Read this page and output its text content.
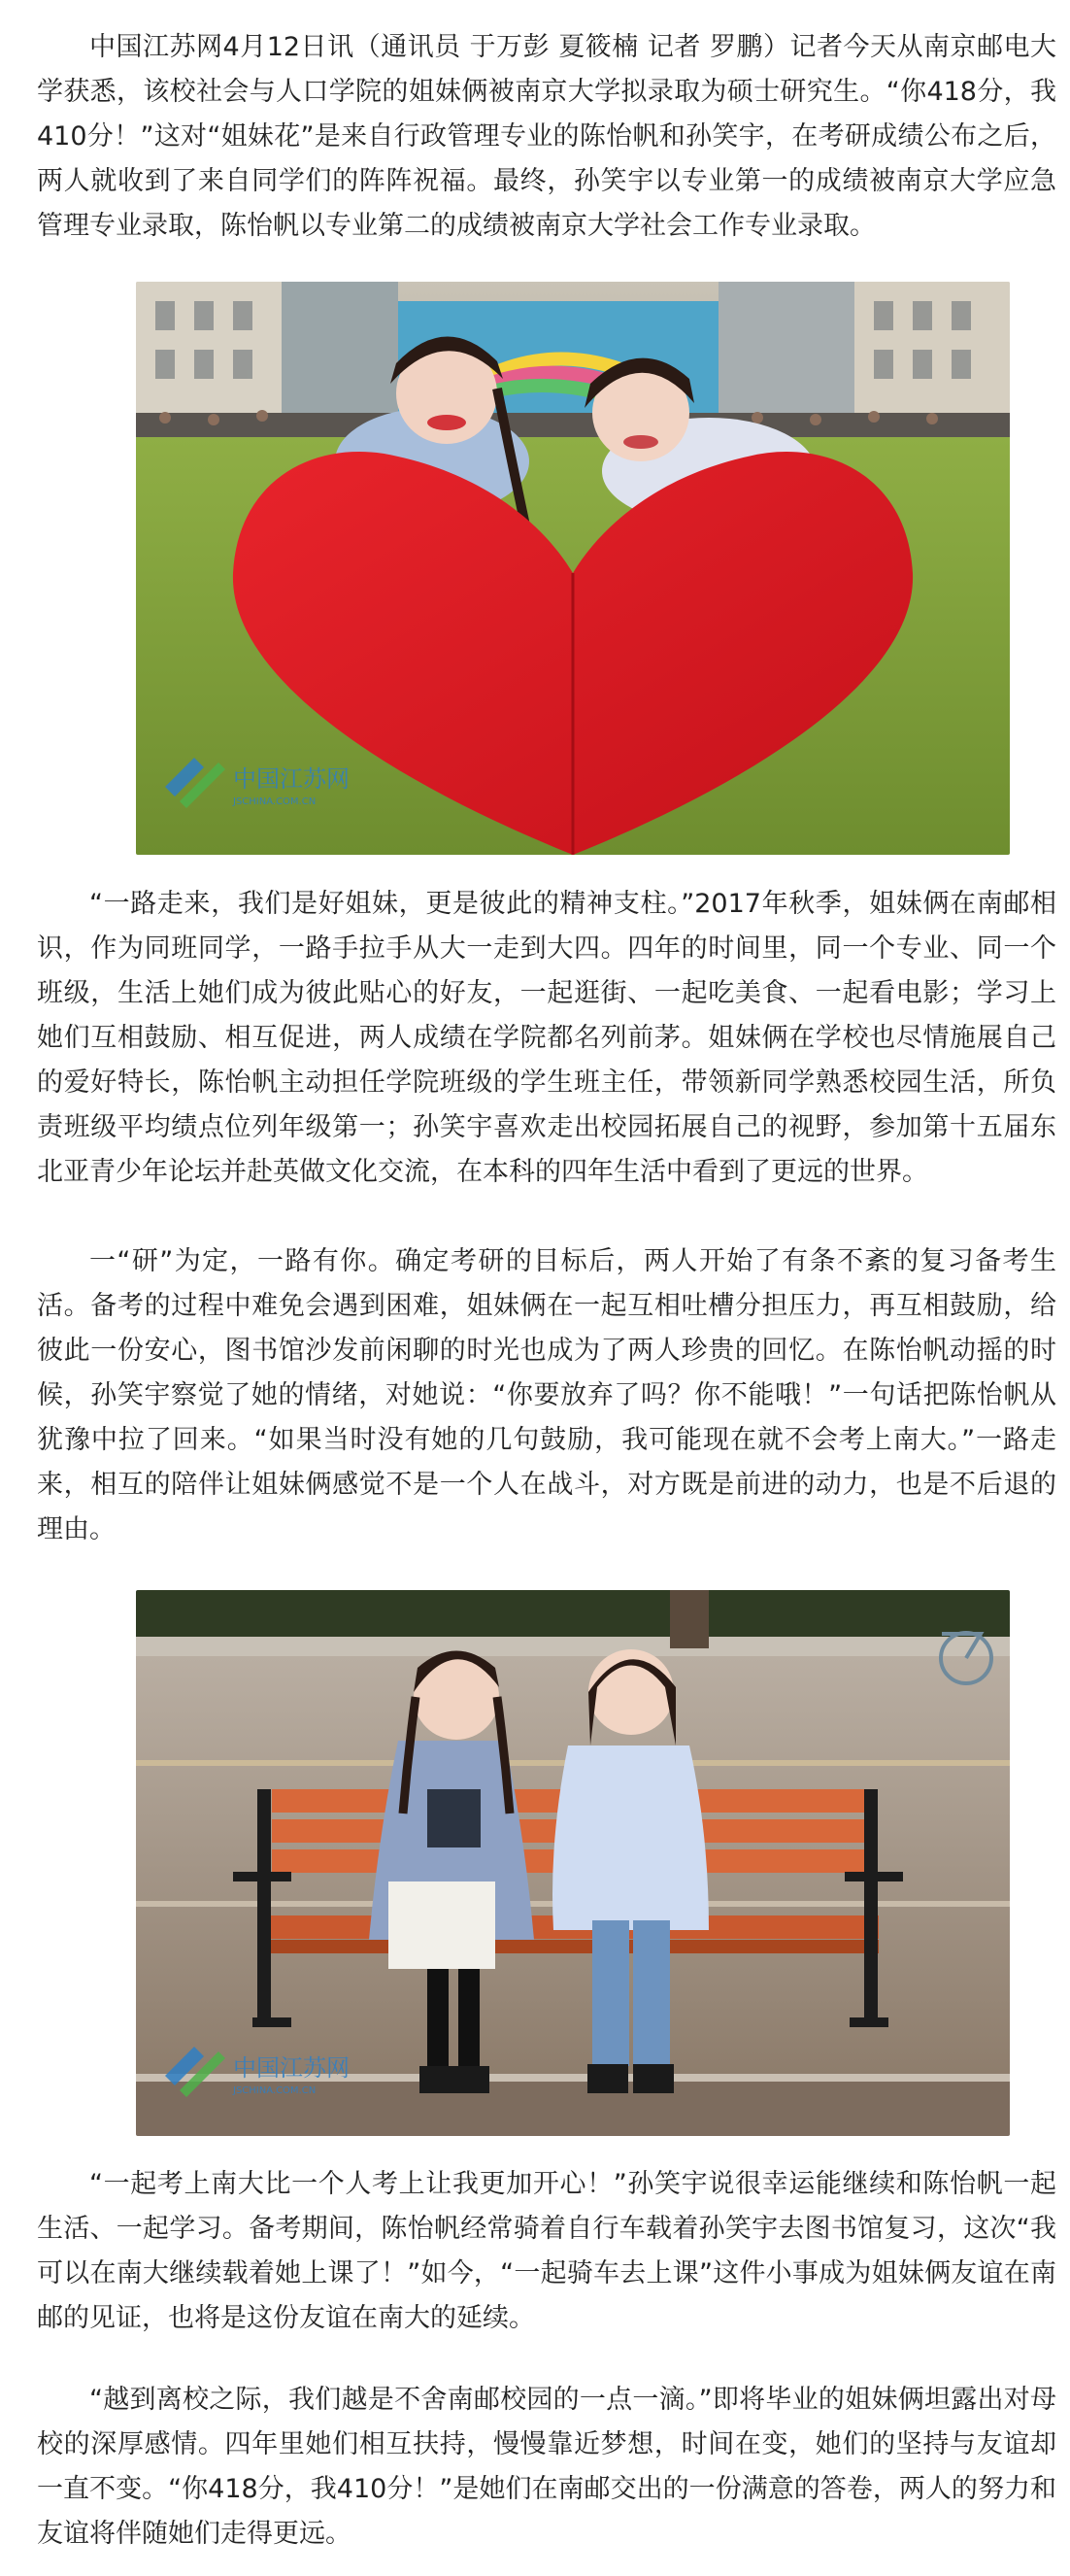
中国江苏网4月12日讯（通讯员 于万彭 夏筱楠 记者 罗鹏）记者今天从南京邮电大学获悉，该校社会与人口学院的姐妹俩被南京大学拟录取为硕士研究生。“你418分，我410分！”这对“姐妹花”是来自行政管理专业的陈怡帆和孙笑宇，在考研成绩公布之后，两人就收到了来自同学们的阵阵祝福。最终，孙笑宇以专业第一的成绩被南京大学应急管理专业录取，陈怡帆以专业第二的成绩被南京大学社会工作专业录取。

中国江苏网
JSCHINA.COM.CN

“一路走来，我们是好姐妹，更是彼此的精神支柱。”2017年秋季，姐妹俩在南邮相识，作为同班同学，一路手拉手从大一走到大四。四年的时间里，同一个专业、同一个班级，生活上她们成为彼此贴心的好友，一起逛街、一起吃美食、一起看电影；学习上她们互相鼓励、相互促进，两人成绩在学院都名列前茅。姐妹俩在学校也尽情施展自己的爱好特长，陈怡帆主动担任学院班级的学生班主任，带领新同学熟悉校园生活，所负责班级平均绩点位列年级第一；孙笑宇喜欢走出校园拓展自己的视野，参加第十五届东北亚青少年论坛并赴英做文化交流，在本科的四年生活中看到了更远的世界。

一“研”为定，一路有你。确定考研的目标后，两人开始了有条不紊的复习备考生活。备考的过程中难免会遇到困难，姐妹俩在一起互相吐槽分担压力，再互相鼓励，给彼此一份安心，图书馆沙发前闲聊的时光也成为了两人珍贵的回忆。在陈怡帆动摇的时候，孙笑宇察觉了她的情绪，对她说：“你要放弃了吗？你不能哦！”一句话把陈怡帆从犹豫中拉了回来。“如果当时没有她的几句鼓励，我可能现在就不会考上南大。”一路走来，相互的陪伴让姐妹俩感觉不是一个人在战斗，对方既是前进的动力，也是不后退的理由。

中国江苏网
JSCHINA.COM.CN

“一起考上南大比一个人考上让我更加开心！”孙笑宇说很幸运能继续和陈怡帆一起生活、一起学习。备考期间，陈怡帆经常骑着自行车载着孙笑宇去图书馆复习，这次“我可以在南大继续载着她上课了！”如今，“一起骑车去上课”这件小事成为姐妹俩友谊在南邮的见证，也将是这份友谊在南大的延续。

“越到离校之际，我们越是不舍南邮校园的一点一滴。”即将毕业的姐妹俩坦露出对母校的深厚感情。四年里她们相互扶持，慢慢靠近梦想，时间在变，她们的坚持与友谊却一直不变。“你418分，我410分！”是她们在南邮交出的一份满意的答卷，两人的努力和友谊将伴随她们走得更远。
